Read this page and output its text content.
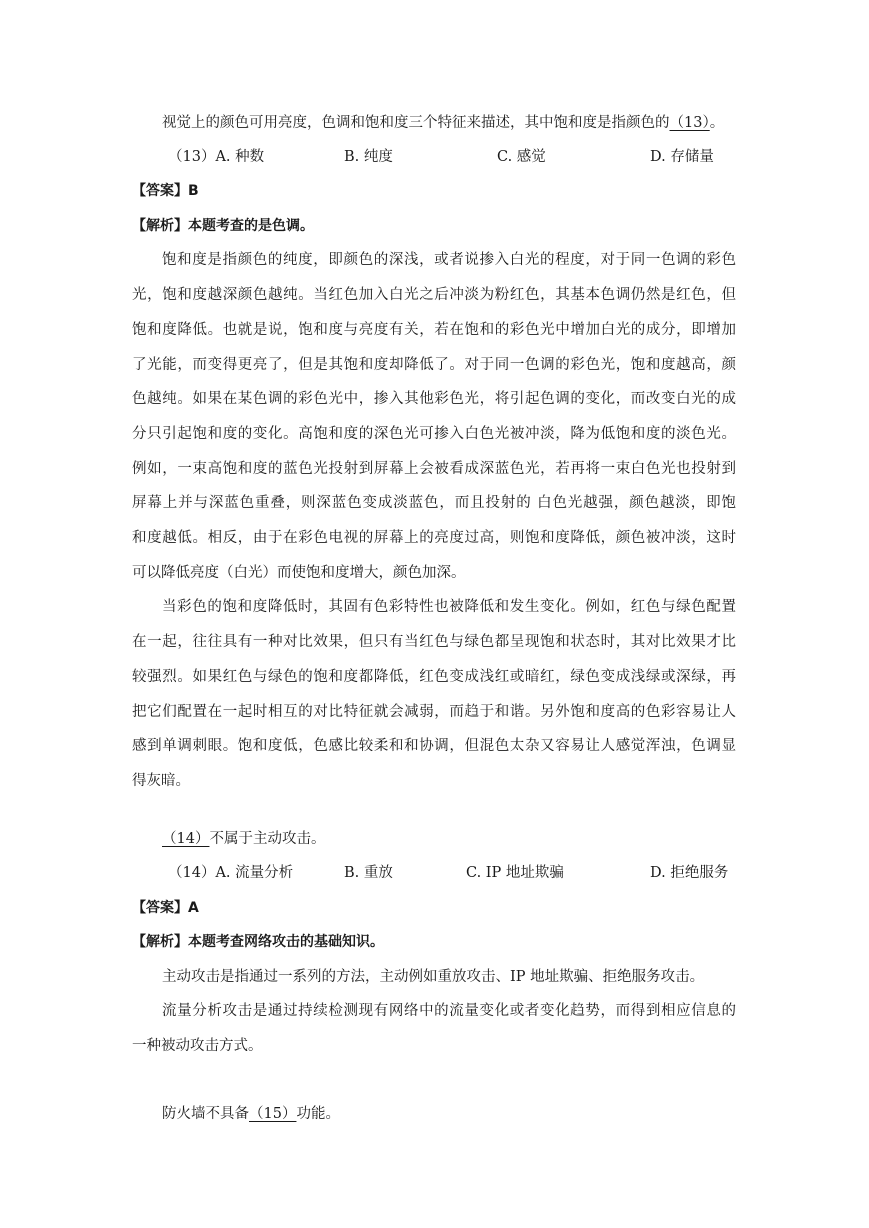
视觉上的颜色可用亮度，色调和饱和度三个特征来描述，其中饱和度是指颜色的（13）。
（13）A. 种数	B. 纯度	C. 感觉	D. 存储量
【答案】B
【解析】本题考查的是色调。
饱和度是指颜色的纯度，即颜色的深浅，或者说掺入白光的程度，对于同一色调的彩色
光，饱和度越深颜色越纯。当红色加入白光之后冲淡为粉红色，其基本色调仍然是红色，但
饱和度降低。也就是说，饱和度与亮度有关，若在饱和的彩色光中增加白光的成分，即增加
了光能，而变得更亮了，但是其饱和度却降低了。对于同一色调的彩色光，饱和度越高，颜
色越纯。如果在某色调的彩色光中，掺入其他彩色光，将引起色调的变化，而改变白光的成
分只引起饱和度的变化。高饱和度的深色光可掺入白色光被冲淡，降为低饱和度的淡色光。
例如，一束高饱和度的蓝色光投射到屏幕上会被看成深蓝色光，若再将一束白色光也投射到
屏幕上并与深蓝色重叠，则深蓝色变成淡蓝色，而且投射的 白色光越强，颜色越淡，即饱
和度越低。相反，由于在彩色电视的屏幕上的亮度过高，则饱和度降低，颜色被冲淡，这时
可以降低亮度（白光）而使饱和度增大，颜色加深。
当彩色的饱和度降低时，其固有色彩特性也被降低和发生变化。例如，红色与绿色配置
在一起，往往具有一种对比效果，但只有当红色与绿色都呈现饱和状态时，其对比效果才比
较强烈。如果红色与绿色的饱和度都降低，红色变成浅红或暗红，绿色变成浅绿或深绿，再
把它们配置在一起时相互的对比特征就会减弱，而趋于和谐。另外饱和度高的色彩容易让人
感到单调刺眼。饱和度低，色感比较柔和和协调，但混色太杂又容易让人感觉浑浊，色调显
得灰暗。
（14）不属于主动攻击。
（14）A. 流量分析	B. 重放	C. IP 地址欺骗	D. 拒绝服务
【答案】A
【解析】本题考查网络攻击的基础知识。
主动攻击是指通过一系列的方法，主动例如重放攻击、IP 地址欺骗、拒绝服务攻击。
流量分析攻击是通过持续检测现有网络中的流量变化或者变化趋势，而得到相应信息的
一种被动攻击方式。
防火墙不具备（15）功能。
